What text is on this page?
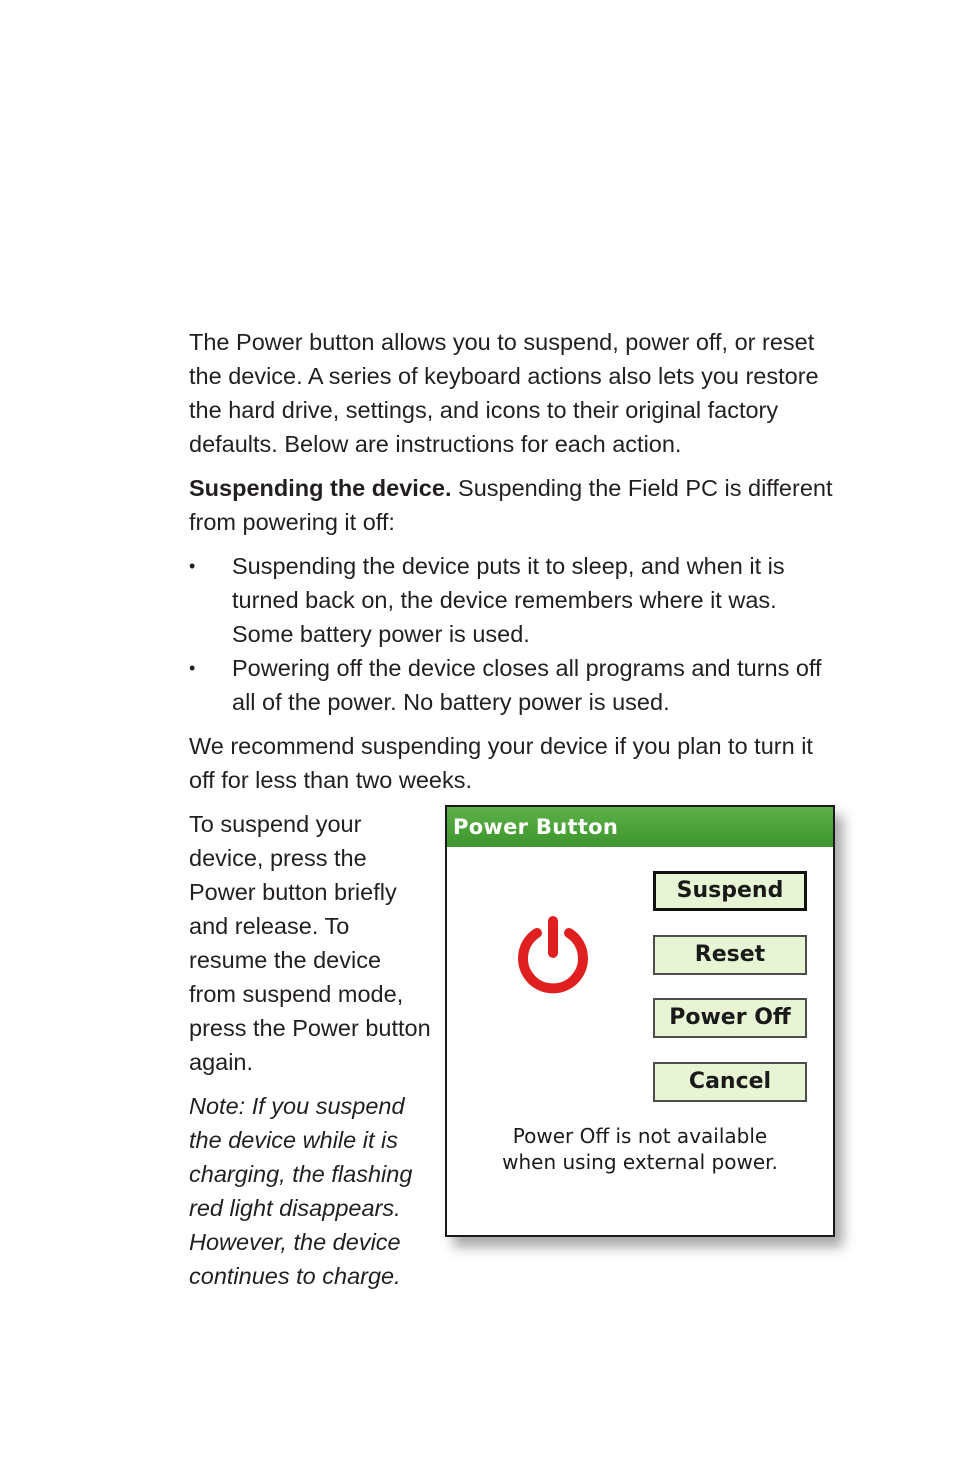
The Power button allows you to suspend, power off, or reset the device. A series of keyboard actions also lets you restore the hard drive, settings, and icons to their original factory defaults. Below are instructions for each action.

Suspending the device. Suspending the Field PC is different from powering it off:

• Suspending the device puts it to sleep, and when it is turned back on, the device remembers where it was. Some battery power is used.
• Powering off the device closes all programs and turns off all of the power. No battery power is used.

We recommend suspending your device if you plan to turn it off for less than two weeks.

To suspend your device, press the Power button briefly and release. To resume the device from suspend mode, press the Power button again.
Note: If you suspend the device while it is charging, the flashing red light disappears. However, the device continues to charge.
Power Button
Suspend
Reset
Power Off
Cancel
Power Off is not available
when using external power.
